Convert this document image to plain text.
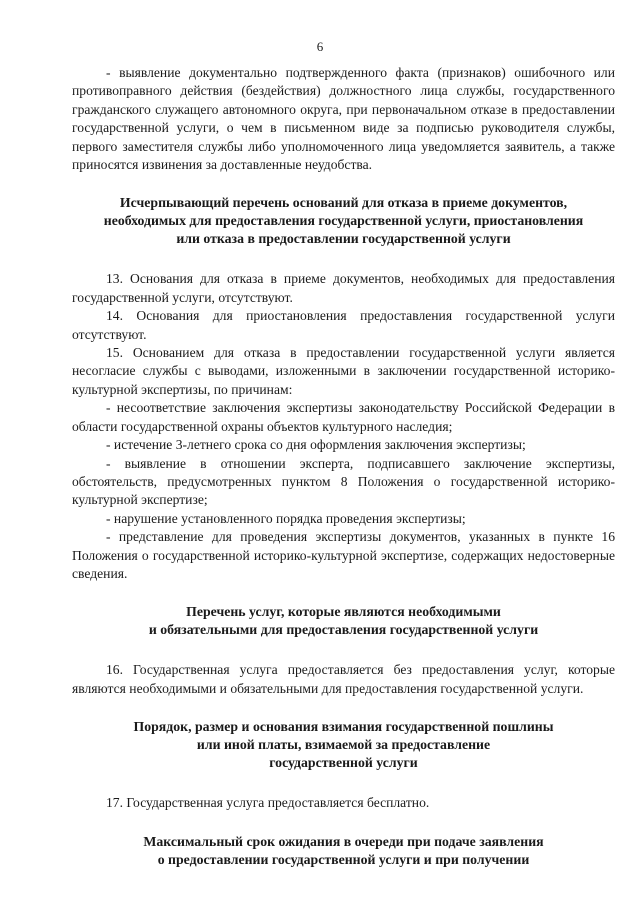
6

- выявление документально подтвержденного факта (признаков) ошибочного или противоправного действия (бездействия) должностного лица службы, государственного гражданского служащего автономного округа, при первоначальном отказе в предоставлении государственной услуги, о чем в письменном виде за подписью руководителя службы, первого заместителя службы либо уполномоченного лица уведомляется заявитель, а также приносятся извинения за доставленные неудобства.

Исчерпывающий перечень оснований для отказа в приеме документов,
необходимых для предоставления государственной услуги, приостановления
или отказа в предоставлении государственной услуги

13. Основания для отказа в приеме документов, необходимых для предоставления государственной услуги, отсутствуют.

14. Основания для приостановления предоставления государственной услуги отсутствуют.

15. Основанием для отказа в предоставлении государственной услуги является несогласие службы с выводами, изложенными в заключении государственной историко-культурной экспертизы, по причинам:

- несоответствие заключения экспертизы законодательству Российской Федерации в области государственной охраны объектов культурного наследия;

- истечение 3-летнего срока со дня оформления заключения экспертизы;

- выявление в отношении эксперта, подписавшего заключение экспертизы, обстоятельств, предусмотренных пунктом 8 Положения о государственной историко-культурной экспертизе;

- нарушение установленного порядка проведения экспертизы;

- представление для проведения экспертизы документов, указанных в пункте 16 Положения о государственной историко-культурной экспертизе, содержащих недостоверные сведения.

Перечень услуг, которые являются необходимыми
и обязательными для предоставления государственной услуги

16. Государственная услуга предоставляется без предоставления услуг, которые являются необходимыми и обязательными для предоставления государственной услуги.

Порядок, размер и основания взимания государственной пошлины
или иной платы, взимаемой за предоставление
государственной услуги

17. Государственная услуга предоставляется бесплатно.

Максимальный срок ожидания в очереди при подаче заявления
о предоставлении государственной услуги и при получении
